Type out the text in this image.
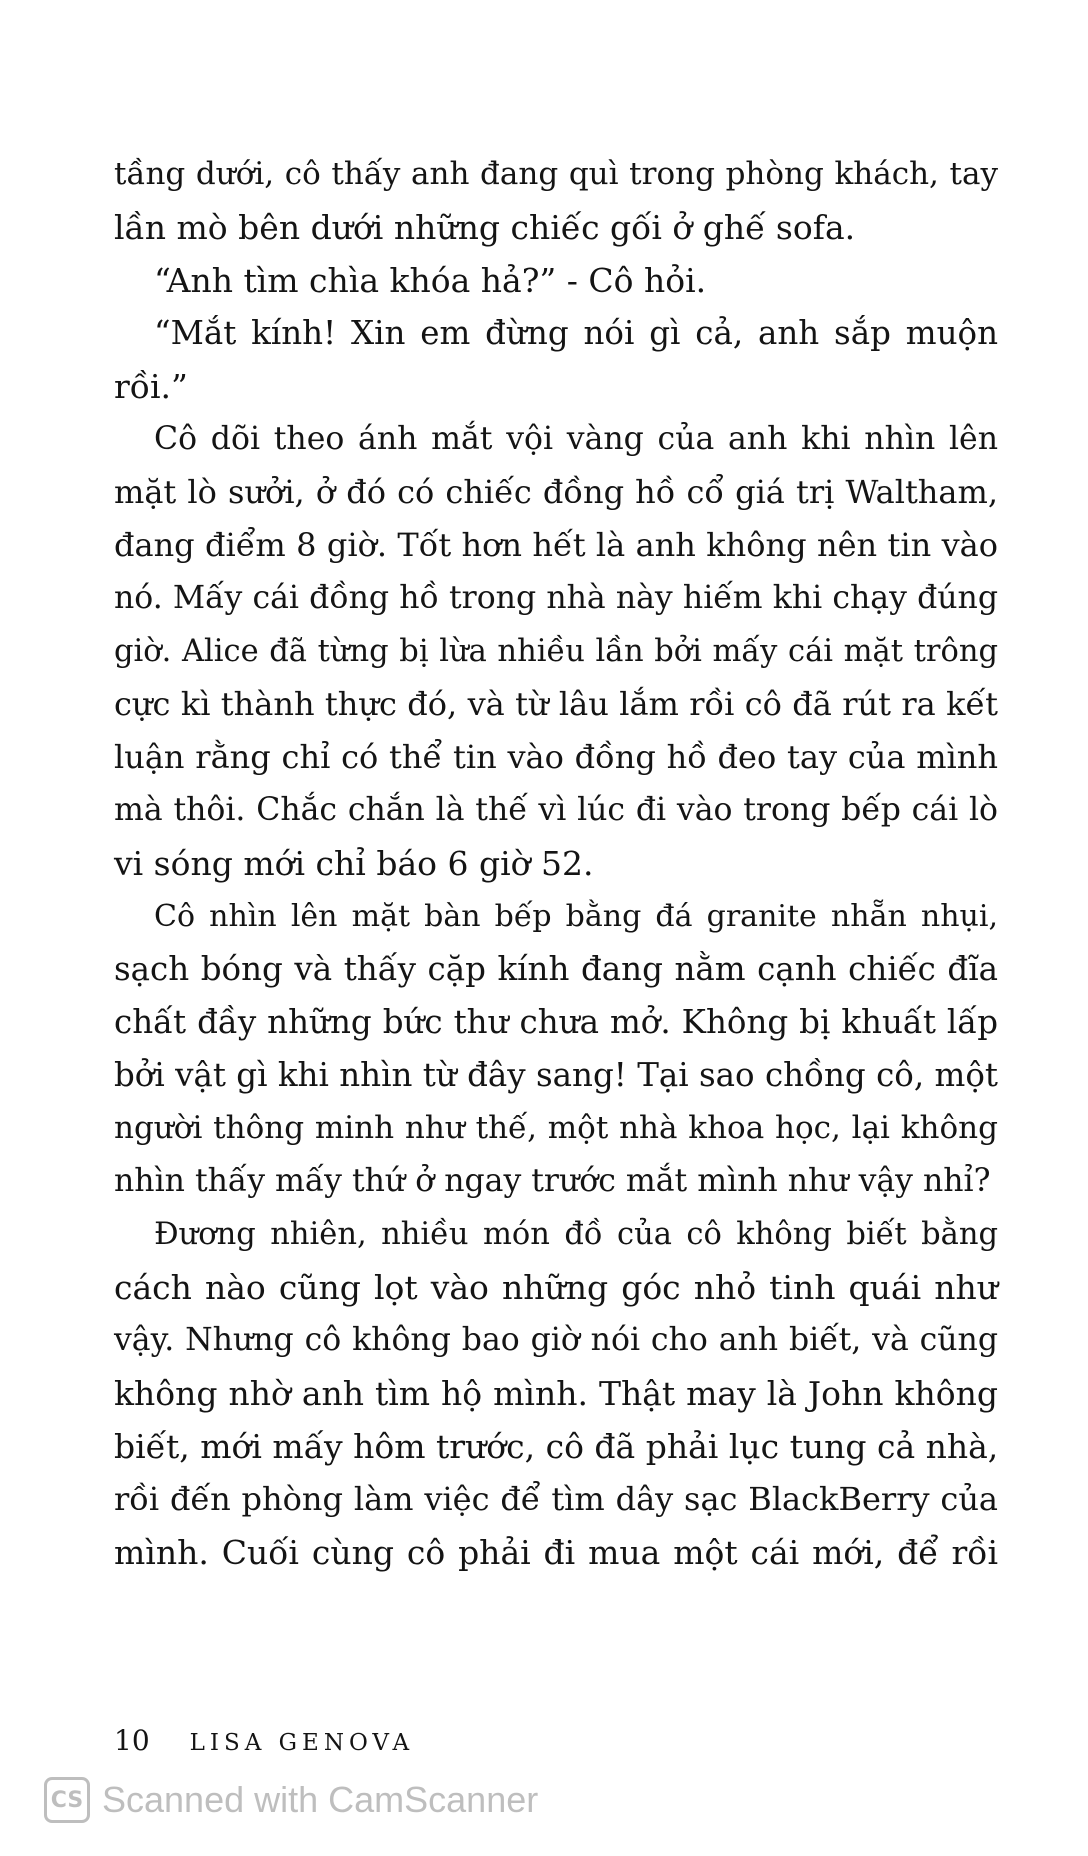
tầng dưới, cô thấy anh đang quì trong phòng khách, tay
lần mò bên dưới những chiếc gối ở ghế sofa.
“Anh tìm chìa khóa hả?” - Cô hỏi.
“Mắt kính! Xin em đừng nói gì cả, anh sắp muộn
rồi.”
Cô dõi theo ánh mắt vội vàng của anh khi nhìn lên
mặt lò sưởi, ở đó có chiếc đồng hồ cổ giá trị Waltham,
đang điểm 8 giờ. Tốt hơn hết là anh không nên tin vào
nó. Mấy cái đồng hồ trong nhà này hiếm khi chạy đúng
giờ. Alice đã từng bị lừa nhiều lần bởi mấy cái mặt trông
cực kì thành thực đó, và từ lâu lắm rồi cô đã rút ra kết
luận rằng chỉ có thể tin vào đồng hồ đeo tay của mình
mà thôi. Chắc chắn là thế vì lúc đi vào trong bếp cái lò
vi sóng mới chỉ báo 6 giờ 52.
Cô nhìn lên mặt bàn bếp bằng đá granite nhẵn nhụi,
sạch bóng và thấy cặp kính đang nằm cạnh chiếc đĩa
chất đầy những bức thư chưa mở. Không bị khuất lấp
bởi vật gì khi nhìn từ đây sang! Tại sao chồng cô, một
người thông minh như thế, một nhà khoa học, lại không
nhìn thấy mấy thứ ở ngay trước mắt mình như vậy nhỉ?
Đương nhiên, nhiều món đồ của cô không biết bằng
cách nào cũng lọt vào những góc nhỏ tinh quái như
vậy. Nhưng cô không bao giờ nói cho anh biết, và cũng
không nhờ anh tìm hộ mình. Thật may là John không
biết, mới mấy hôm trước, cô đã phải lục tung cả nhà,
rồi đến phòng làm việc để tìm dây sạc BlackBerry của
mình. Cuối cùng cô phải đi mua một cái mới, để rồi
10 LISA GENOVA
CS Scanned with CamScanner
